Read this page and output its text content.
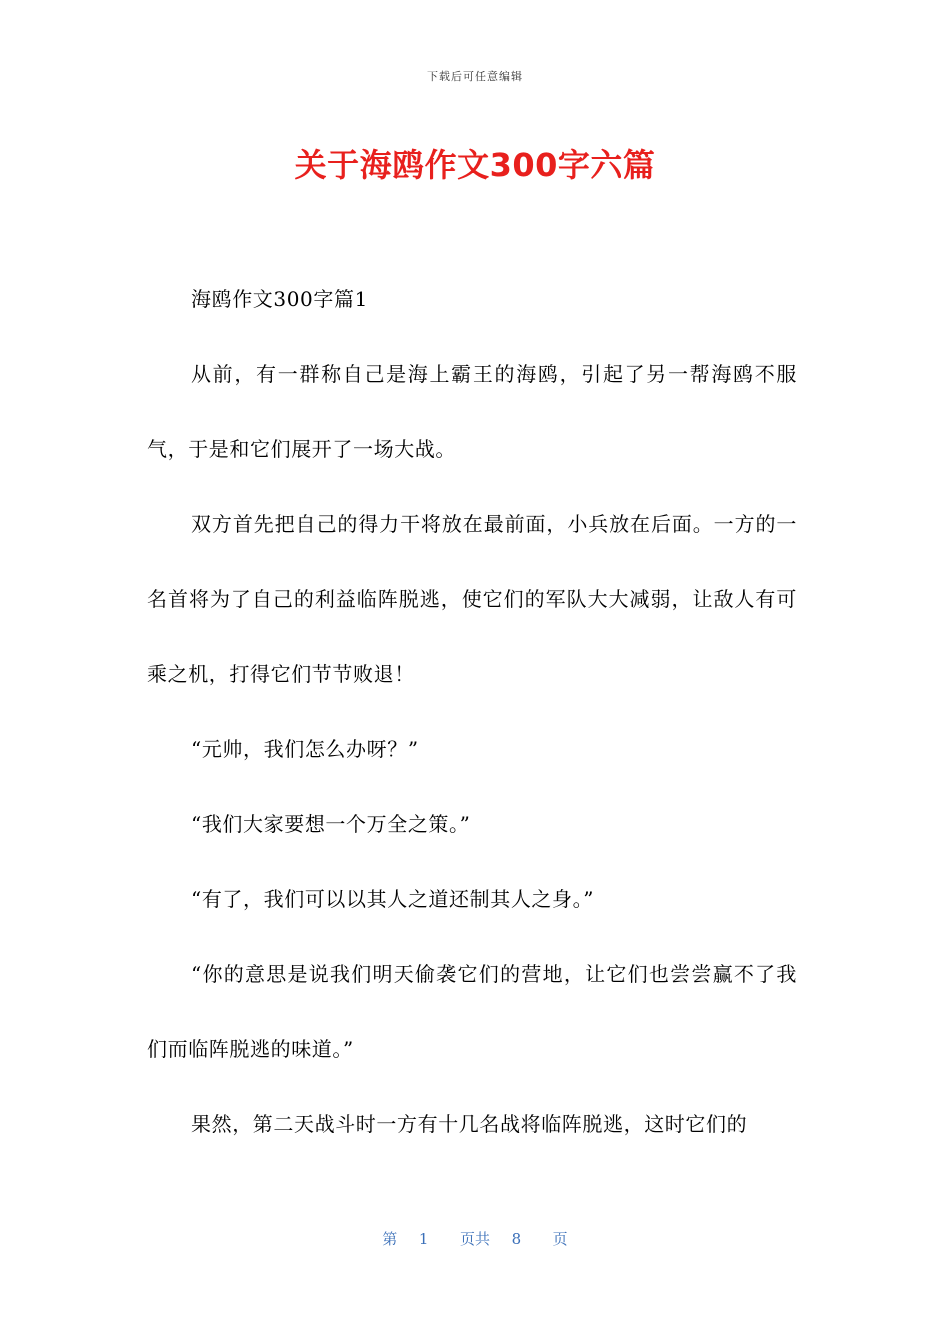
下载后可任意编辑
关于海鸥作文300字六篇

海鸥作文300字篇1

从前，有一群称自己是海上霸王的海鸥，引起了另一帮海鸥不服气，于是和它们展开了一场大战。

双方首先把自己的得力干将放在最前面，小兵放在后面。一方的一名首将为了自己的利益临阵脱逃，使它们的军队大大减弱，让敌人有可乘之机，打得它们节节败退！

“元帅，我们怎么办呀？”

“我们大家要想一个万全之策。”

“有了，我们可以以其人之道还制其人之身。”

“你的意思是说我们明天偷袭它们的营地，让它们也尝尝赢不了我们而临阵脱逃的味道。”

果然，第二天战斗时一方有十几名战将临阵脱逃，这时它们的

第 1 页共 8 页
